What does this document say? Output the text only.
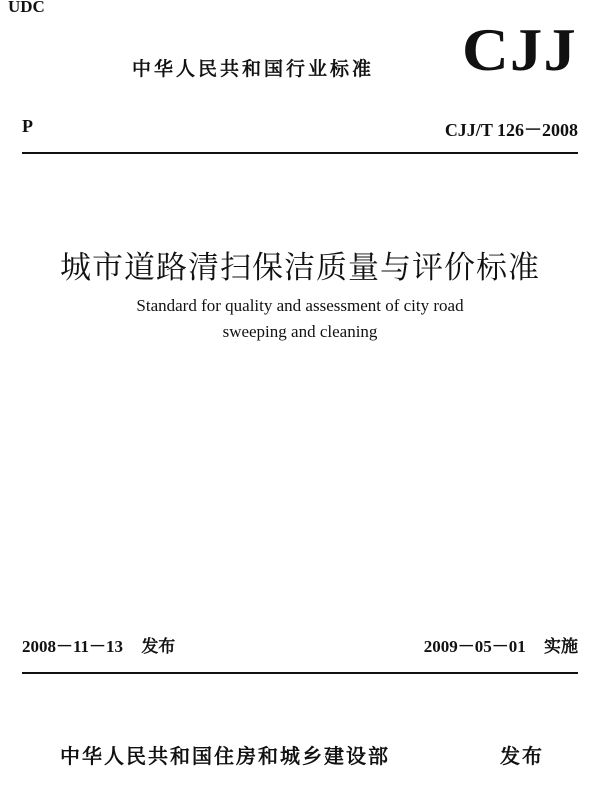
UDC
中华人民共和国行业标准 CJJ
P	CJJ/T 126－2008
城市道路清扫保洁质量与评价标准
Standard for quality and assessment of city road
sweeping and cleaning
2008－11－13 发布	2009－05－01 实施
中华人民共和国住房和城乡建设部	发布
